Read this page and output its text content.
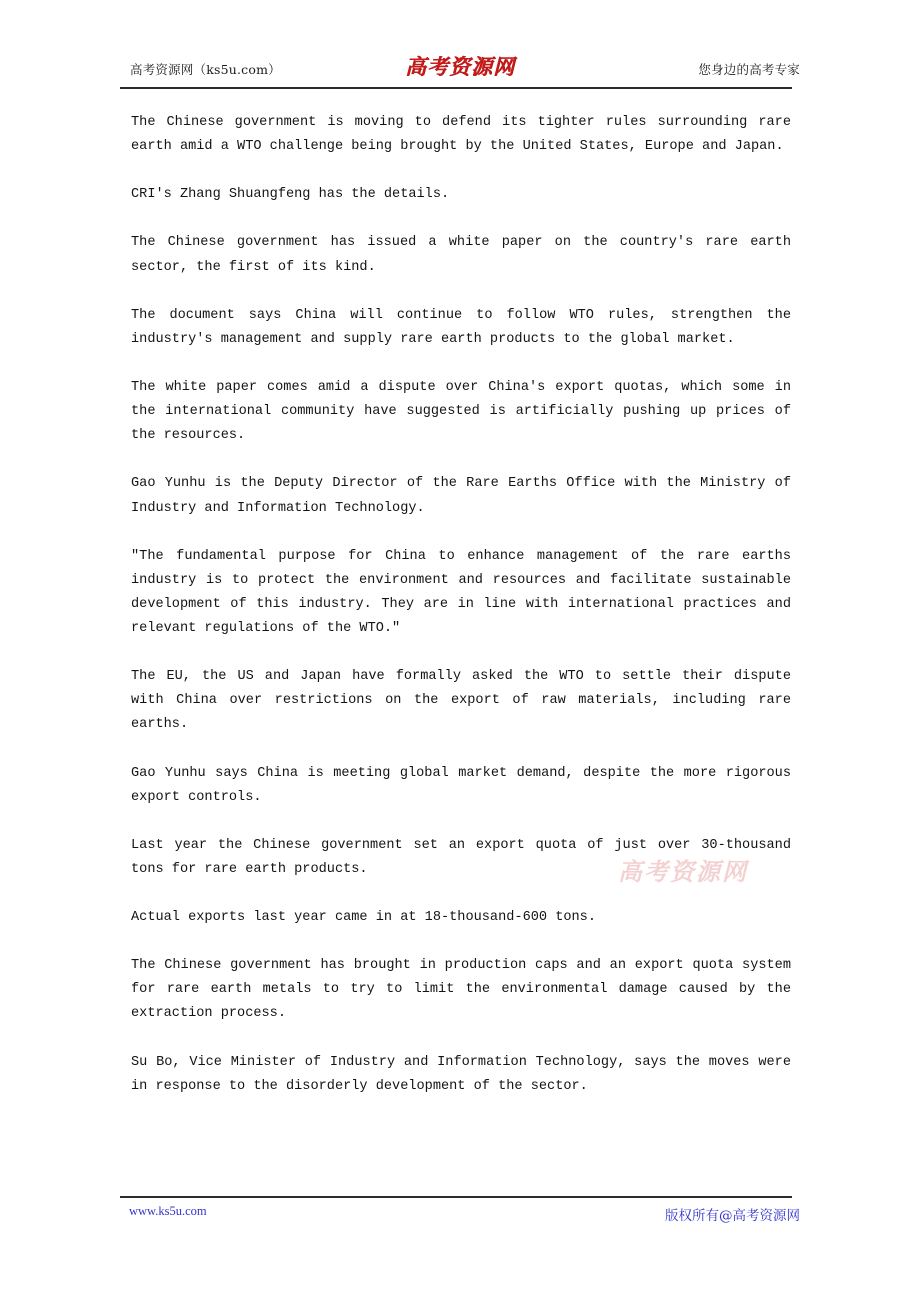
高考资源网（ks5u.com）	高考资源网	您身边的高考专家

The Chinese government is moving to defend its tighter rules surrounding rare earth amid a WTO challenge being brought by the United States, Europe and Japan.

CRI's Zhang Shuangfeng has the details.

The Chinese government has issued a white paper on the country's rare earth sector, the first of its kind.

The document says China will continue to follow WTO rules, strengthen the industry's management and supply rare earth products to the global market.

The white paper comes amid a dispute over China's export quotas, which some in the international community have suggested is artificially pushing up prices of the resources.

Gao Yunhu is the Deputy Director of the Rare Earths Office with the Ministry of Industry and Information Technology.

"The fundamental purpose for China to enhance management of the rare earths industry is to protect the environment and resources and facilitate sustainable development of this industry. They are in line with international practices and relevant regulations of the WTO."

The EU, the US and Japan have formally asked the WTO to settle their dispute with China over restrictions on the export of raw materials, including rare earths.

Gao Yunhu says China is meeting global market demand, despite the more rigorous export controls.

Last year the Chinese government set an export quota of just over 30-thousand tons for rare earth products.

Actual exports last year came in at 18-thousand-600 tons.

The Chinese government has brought in production caps and an export quota system for rare earth metals to try to limit the environmental damage caused by the extraction process.

Su Bo, Vice Minister of Industry and Information Technology, says the moves were in response to the disorderly development of the sector.

高考资源网
www.ks5u.com	版权所有@高考资源网
